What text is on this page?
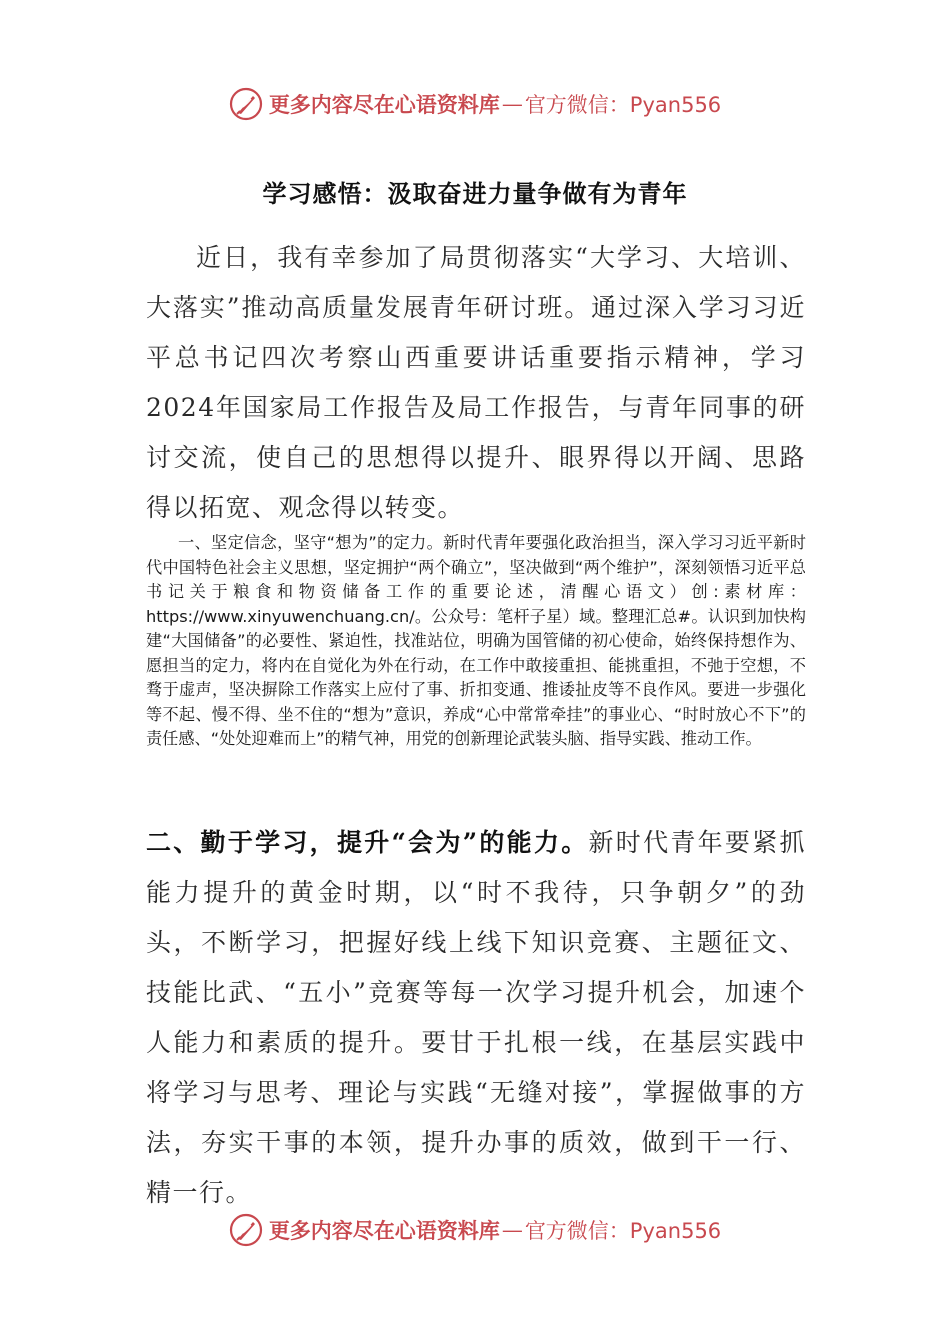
更多内容尽在心语资料库 — 官方微信：Pyan556
学习感悟：汲取奋进力量争做有为青年

近日，我有幸参加了局贯彻落实“大学习、大培训、大落实”推动高质量发展青年研讨班。通过深入学习习近平总书记四次考察山西重要讲话重要指示精神，学习2024年国家局工作报告及局工作报告，与青年同事的研讨交流，使自己的思想得以提升、眼界得以开阔、思路得以拓宽、观念得以转变。

一、坚定信念，坚守“想为”的定力。新时代青年要强化政治担当，深入学习习近平新时代中国特色社会主义思想，坚定拥护“两个确立”，坚决做到“两个维护”，深刻领悟习近平总书记关于粮食和物资储备工作的重要论述，清醒心语文）创:素材库：https://www.xinyuwenchuang.cn/。公众号：笔杆子星）域。整理汇总#。认识到加快构建“大国储备”的必要性、紧迫性，找准站位，明确为国管储的初心使命，始终保持想作为、愿担当的定力，将内在自觉化为外在行动，在工作中敢接重担、能挑重担，不弛于空想，不骛于虚声，坚决摒除工作落实上应付了事、折扣变通、推诿扯皮等不良作风。要进一步强化等不起、慢不得、坐不住的“想为”意识，养成“心中常常牵挂”的事业心、“时时放心不下”的责任感、“处处迎难而上”的精气神，用党的创新理论武装头脑、指导实践、推动工作。

二、勤于学习，提升“会为”的能力。新时代青年要紧抓能力提升的黄金时期，以“时不我待，只争朝夕”的劲头，不断学习，把握好线上线下知识竞赛、主题征文、技能比武、“五小”竞赛等每一次学习提升机会，加速个人能力和素质的提升。要甘于扎根一线，在基层实践中将学习与思考、理论与实践“无缝对接”，掌握做事的方法，夯实干事的本领，提升办事的质效，做到干一行、精一行。

更多内容尽在心语资料库 — 官方微信：Pyan556
